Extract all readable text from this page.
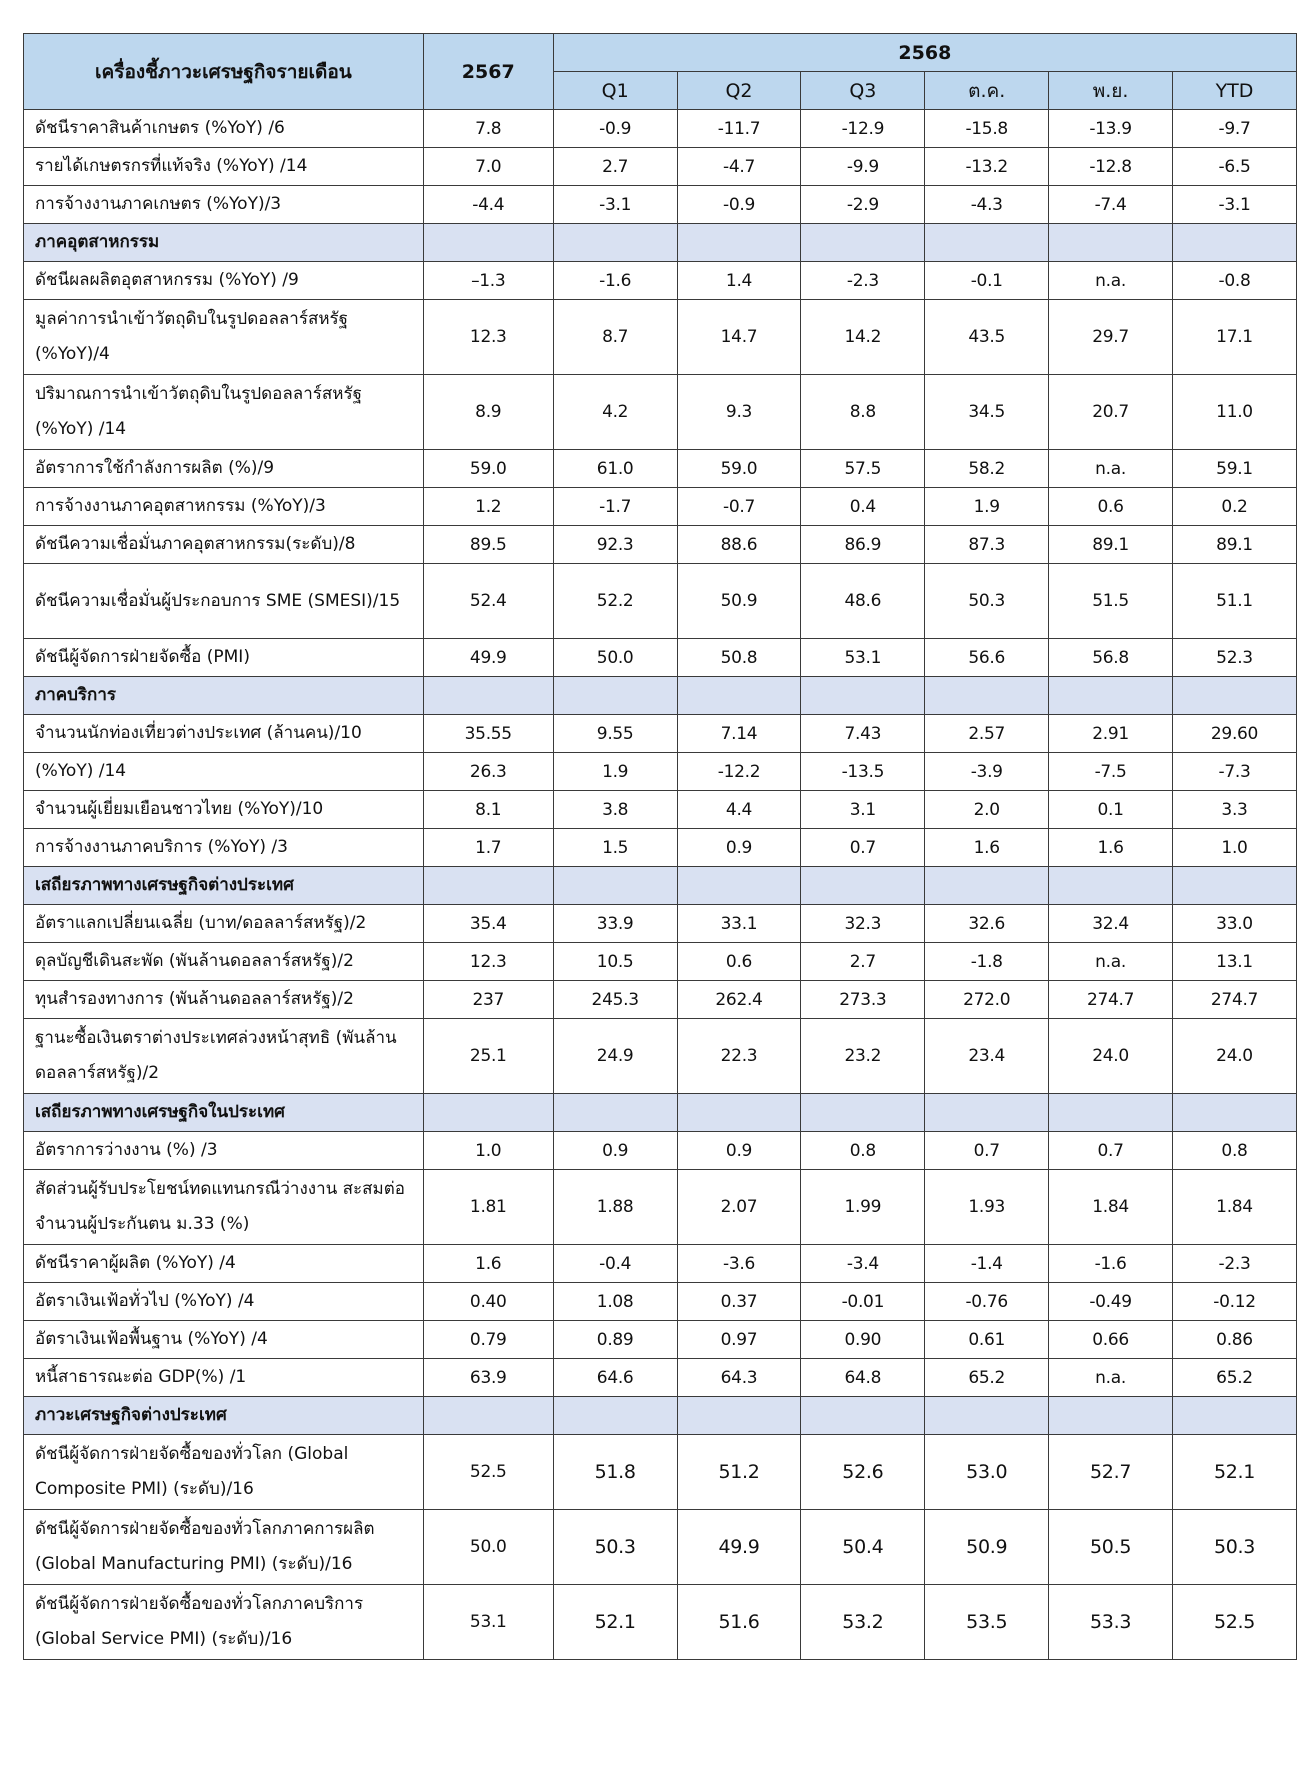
เครื่องชี้ภาวะเศรษฐกิจรายเดือน	2567	2568					
		Q1	Q2	Q3	ต.ค.	พ.ย.	YTD
ดัชนีราคาสินค้าเกษตร (%YoY) /6	7.8	-0.9	-11.7	-12.9	-15.8	-13.9	-9.7
รายได้เกษตรกรที่แท้จริง (%YoY) /14	7.0	2.7	-4.7	-9.9	-13.2	-12.8	-6.5
การจ้างงานภาคเกษตร (%YoY)/3	-4.4	-3.1	-0.9	-2.9	-4.3	-7.4	-3.1
ภาคอุตสาหกรรม							
ดัชนีผลผลิตอุตสาหกรรม (%YoY) /9	–1.3	-1.6	1.4	-2.3	-0.1	n.a.	-0.8
มูลค่าการนำเข้าวัตถุดิบในรูปดอลลาร์สหรัฐ (%YoY)/4	12.3	8.7	14.7	14.2	43.5	29.7	17.1
ปริมาณการนำเข้าวัตถุดิบในรูปดอลลาร์สหรัฐ (%YoY) /14	8.9	4.2	9.3	8.8	34.5	20.7	11.0
อัตราการใช้กำลังการผลิต (%)/9	59.0	61.0	59.0	57.5	58.2	n.a.	59.1
การจ้างงานภาคอุตสาหกรรม (%YoY)/3	1.2	-1.7	-0.7	0.4	1.9	0.6	0.2
ดัชนีความเชื่อมั่นภาคอุตสาหกรรม(ระดับ)/8	89.5	92.3	88.6	86.9	87.3	89.1	89.1
ดัชนีความเชื่อมั่นผู้ประกอบการ SME (SMESI)/15	52.4	52.2	50.9	48.6	50.3	51.5	51.1
ดัชนีผู้จัดการฝ่ายจัดซื้อ (PMI)	49.9	50.0	50.8	53.1	56.6	56.8	52.3
ภาคบริการ							
จำนวนนักท่องเที่ยวต่างประเทศ (ล้านคน)/10	35.55	9.55	7.14	7.43	2.57	2.91	29.60
(%YoY) /14	26.3	1.9	-12.2	-13.5	-3.9	-7.5	-7.3
จำนวนผู้เยี่ยมเยือนชาวไทย (%YoY)/10	8.1	3.8	4.4	3.1	2.0	0.1	3.3
การจ้างงานภาคบริการ (%YoY) /3	1.7	1.5	0.9	0.7	1.6	1.6	1.0
เสถียรภาพทางเศรษฐกิจต่างประเทศ							
อัตราแลกเปลี่ยนเฉลี่ย (บาท/ดอลลาร์สหรัฐ)/2	35.4	33.9	33.1	32.3	32.6	32.4	33.0
ดุลบัญชีเดินสะพัด (พันล้านดอลลาร์สหรัฐ)/2	12.3	10.5	0.6	2.7	-1.8	n.a.	13.1
ทุนสำรองทางการ (พันล้านดอลลาร์สหรัฐ)/2	237	245.3	262.4	273.3	272.0	274.7	274.7
ฐานะซื้อเงินตราต่างประเทศล่วงหน้าสุทธิ (พันล้านดอลลาร์สหรัฐ)/2	25.1	24.9	22.3	23.2	23.4	24.0	24.0
เสถียรภาพทางเศรษฐกิจในประเทศ							
อัตราการว่างงาน (%) /3	1.0	0.9	0.9	0.8	0.7	0.7	0.8
สัดส่วนผู้รับประโยชน์ทดแทนกรณีว่างงาน สะสมต่อจำนวนผู้ประกันตน ม.33 (%)	1.81	1.88	2.07	1.99	1.93	1.84	1.84
ดัชนีราคาผู้ผลิต (%YoY) /4	1.6	-0.4	-3.6	-3.4	-1.4	-1.6	-2.3
อัตราเงินเฟ้อทั่วไป (%YoY) /4	0.40	1.08	0.37	-0.01	-0.76	-0.49	-0.12
อัตราเงินเฟ้อพื้นฐาน (%YoY) /4	0.79	0.89	0.97	0.90	0.61	0.66	0.86
หนี้สาธารณะต่อ GDP(%) /1	63.9	64.6	64.3	64.8	65.2	n.a.	65.2
ภาวะเศรษฐกิจต่างประเทศ							
ดัชนีผู้จัดการฝ่ายจัดซื้อของทั่วโลก (Global Composite PMI) (ระดับ)/16	52.5	51.8	51.2	52.6	53.0	52.7	52.1
ดัชนีผู้จัดการฝ่ายจัดซื้อของทั่วโลกภาคการผลิต (Global Manufacturing PMI) (ระดับ)/16	50.0	50.3	49.9	50.4	50.9	50.5	50.3
ดัชนีผู้จัดการฝ่ายจัดซื้อของทั่วโลกภาคบริการ (Global Service PMI) (ระดับ)/16	53.1	52.1	51.6	53.2	53.5	53.3	52.5
